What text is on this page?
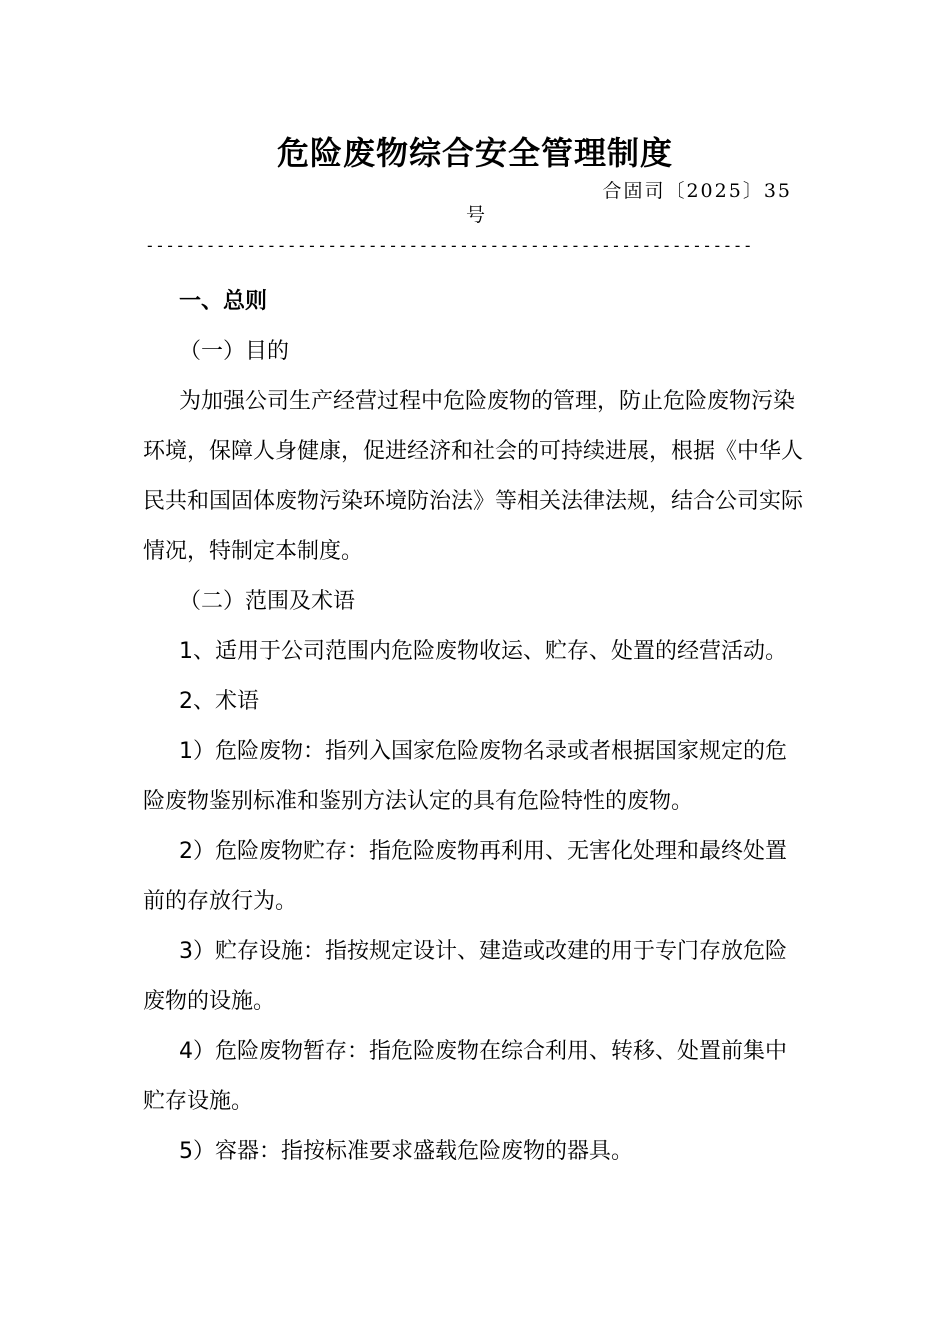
危险废物综合安全管理制度
合固司〔2025〕35
号
------------------------------------------------------------

一、总则

（一）目的

为加强公司生产经营过程中危险废物的管理，防止危险废物污染环境，保障人身健康，促进经济和社会的可持续进展，根据《中华人民共和国固体废物污染环境防治法》等相关法律法规，结合公司实际情况，特制定本制度。

（二）范围及术语

1、适用于公司范围内危险废物收运、贮存、处置的经营活动。

2、术语

1）危险废物：指列入国家危险废物名录或者根据国家规定的危险废物鉴别标准和鉴别方法认定的具有危险特性的废物。

2）危险废物贮存：指危险废物再利用、无害化处理和最终处置前的存放行为。

3）贮存设施：指按规定设计、建造或改建的用于专门存放危险废物的设施。

4）危险废物暂存：指危险废物在综合利用、转移、处置前集中贮存设施。

5）容器：指按标准要求盛载危险废物的器具。
